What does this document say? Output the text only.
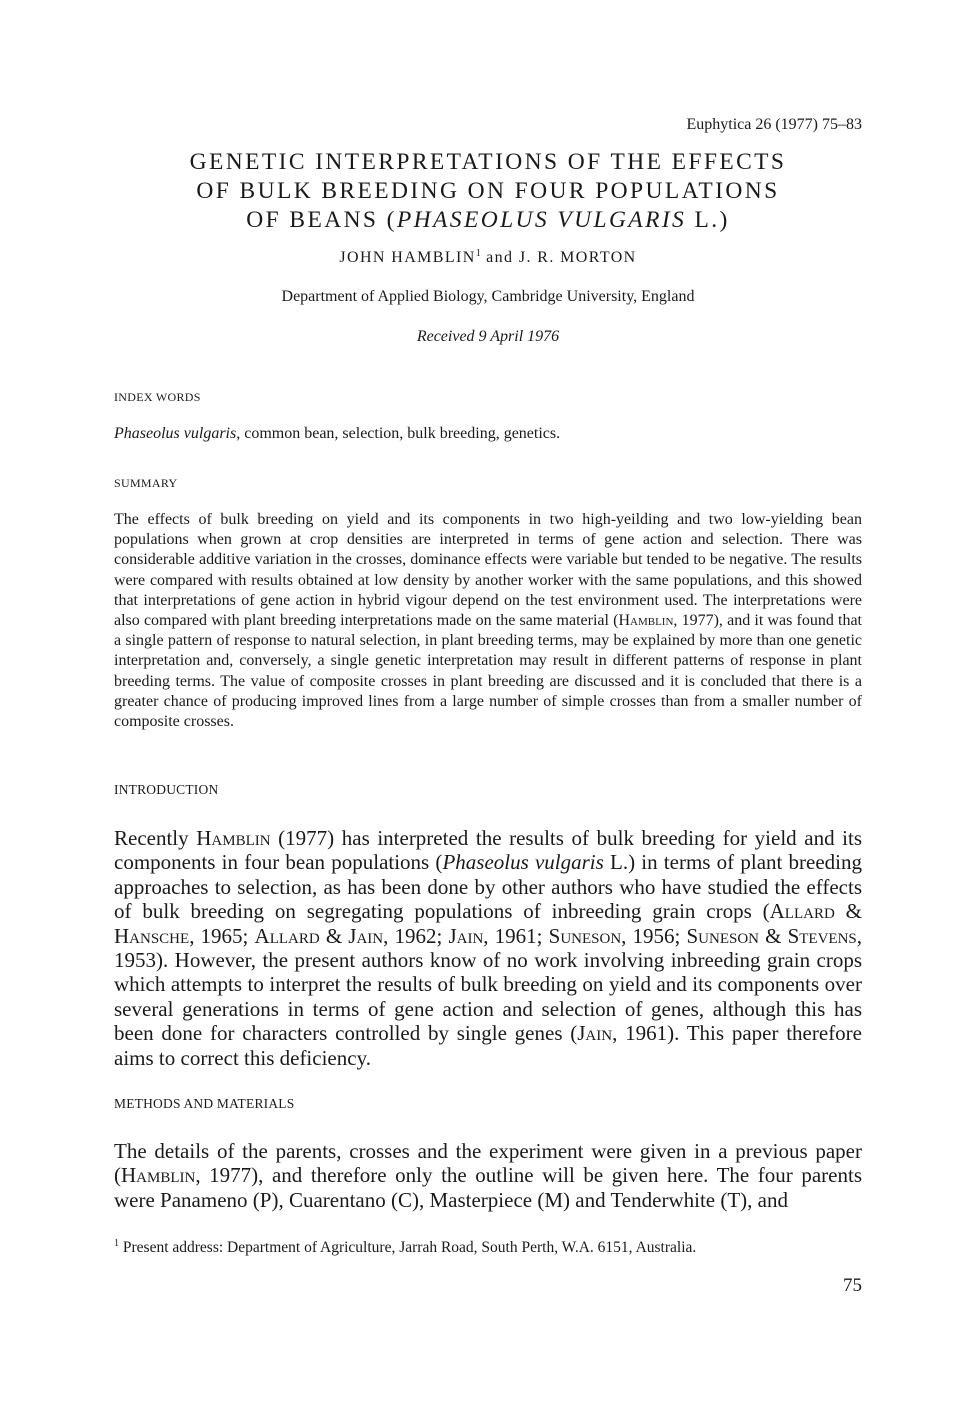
Euphytica 26 (1977) 75–83
GENETIC INTERPRETATIONS OF THE EFFECTS
OF BULK BREEDING ON FOUR POPULATIONS
OF BEANS (PHASEOLUS VULGARIS L.)
JOHN HAMBLIN$^1$ and J. R. MORTON
Department of Applied Biology, Cambridge University, England
Received 9 April 1976
INDEX WORDS
Phaseolus vulgaris, common bean, selection, bulk breeding, genetics.
SUMMARY
The effects of bulk breeding on yield and its components in two high-yeilding and two low-yielding bean populations when grown at crop densities are interpreted in terms of gene action and selection. There was considerable additive variation in the crosses, dominance effects were variable but tended to be negative. The results were compared with results obtained at low density by another worker with the same populations, and this showed that interpretations of gene action in hybrid vigour depend on the test environment used. The interpretations were also compared with plant breeding interpretations made on the same material (Hamblin, 1977), and it was found that a single pattern of response to natural selection, in plant breeding terms, may be explained by more than one genetic interpretation and, conversely, a single genetic interpretation may result in different patterns of response in plant breeding terms. The value of composite crosses in plant breeding are discussed and it is concluded that there is a greater chance of producing improved lines from a large number of simple crosses than from a smaller number of composite crosses.
INTRODUCTION
Recently Hamblin (1977) has interpreted the results of bulk breeding for yield and its components in four bean populations (Phaseolus vulgaris L.) in terms of plant breeding approaches to selection, as has been done by other authors who have studied the effects of bulk breeding on segregating populations of inbreeding grain crops (Allard & Hansche, 1965; Allard & Jain, 1962; Jain, 1961; Suneson, 1956; Suneson & Stevens, 1953). However, the present authors know of no work involving inbreeding grain crops which attempts to interpret the results of bulk breeding on yield and its components over several generations in terms of gene action and selection of genes, although this has been done for characters controlled by single genes (Jain, 1961). This paper therefore aims to correct this deficiency.
METHODS AND MATERIALS
The details of the parents, crosses and the experiment were given in a previous paper (Hamblin, 1977), and therefore only the outline will be given here. The four parents were Panameno (P), Cuarentano (C), Masterpiece (M) and Tenderwhite (T), and
$^1$ Present address: Department of Agriculture, Jarrah Road, South Perth, W.A. 6151, Australia.
75
